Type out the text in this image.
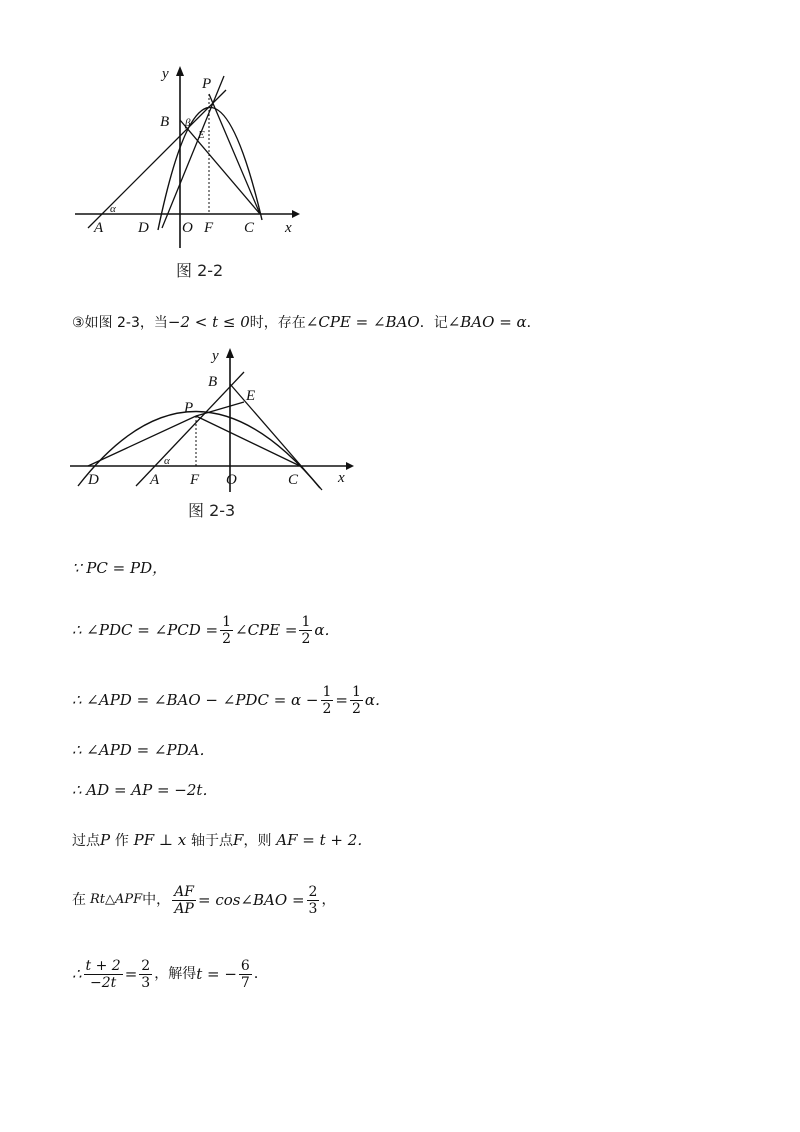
y
x
P
B β
E
α
A D O F C
图 2-2
③如图 2-3，当−2 < t ≤ 0时，存在∠CPE = ∠BAO．记∠BAO = α．
y
x
B
E
P
α
D	A F O	C
图 2-3
∵ PC = PD，
∴ ∠PDC = ∠PCD = $\frac{1}{2}$ ∠CPE = $\frac{1}{2}$ α．
∴ ∠APD = ∠BAO − ∠PDC = $\alpha - \frac{1}{2} = \frac{1}{2}$ α．
∴ ∠APD = ∠PDA．
∴ AD = AP = −2t．
过点P 作 PF ⊥ x 轴于点F，则 AF = t + 2．
在 Rt△APF 中， $\frac{AF}{AP}$ = cos∠BAO = $\frac{2}{3}$ ，
∴ $\frac{t + 2}{-2t} = \frac{2}{3}$ ，解得 t = − $\frac{6}{7}$ ．
